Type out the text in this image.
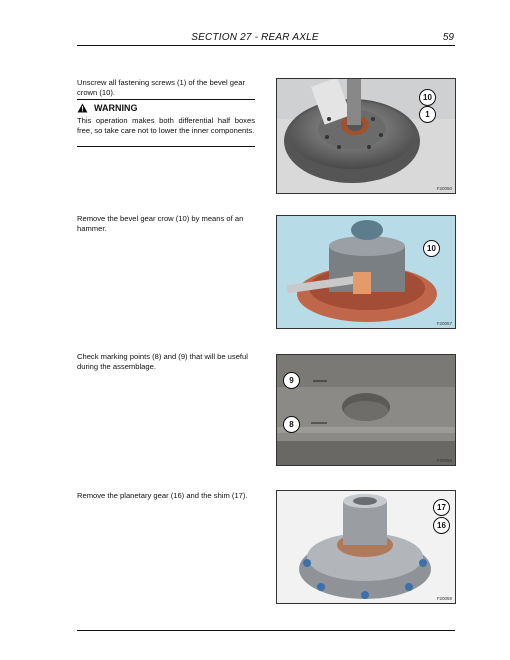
SECTION 27 - REAR AXLE	59
Unscrew all fastening screws (1) of the bevel gear crown (10).
WARNING
This operation makes both differential half boxes free, so take care not to lower the inner components.
10
1
F20050
Remove the bevel gear crow (10) by means of an hammer.
10
F20057
Check marking points (8) and (9) that will be useful during the assemblage.
9
8
F20058
Remove the planetary gear (16) and the shim (17).
17
16
F20059
